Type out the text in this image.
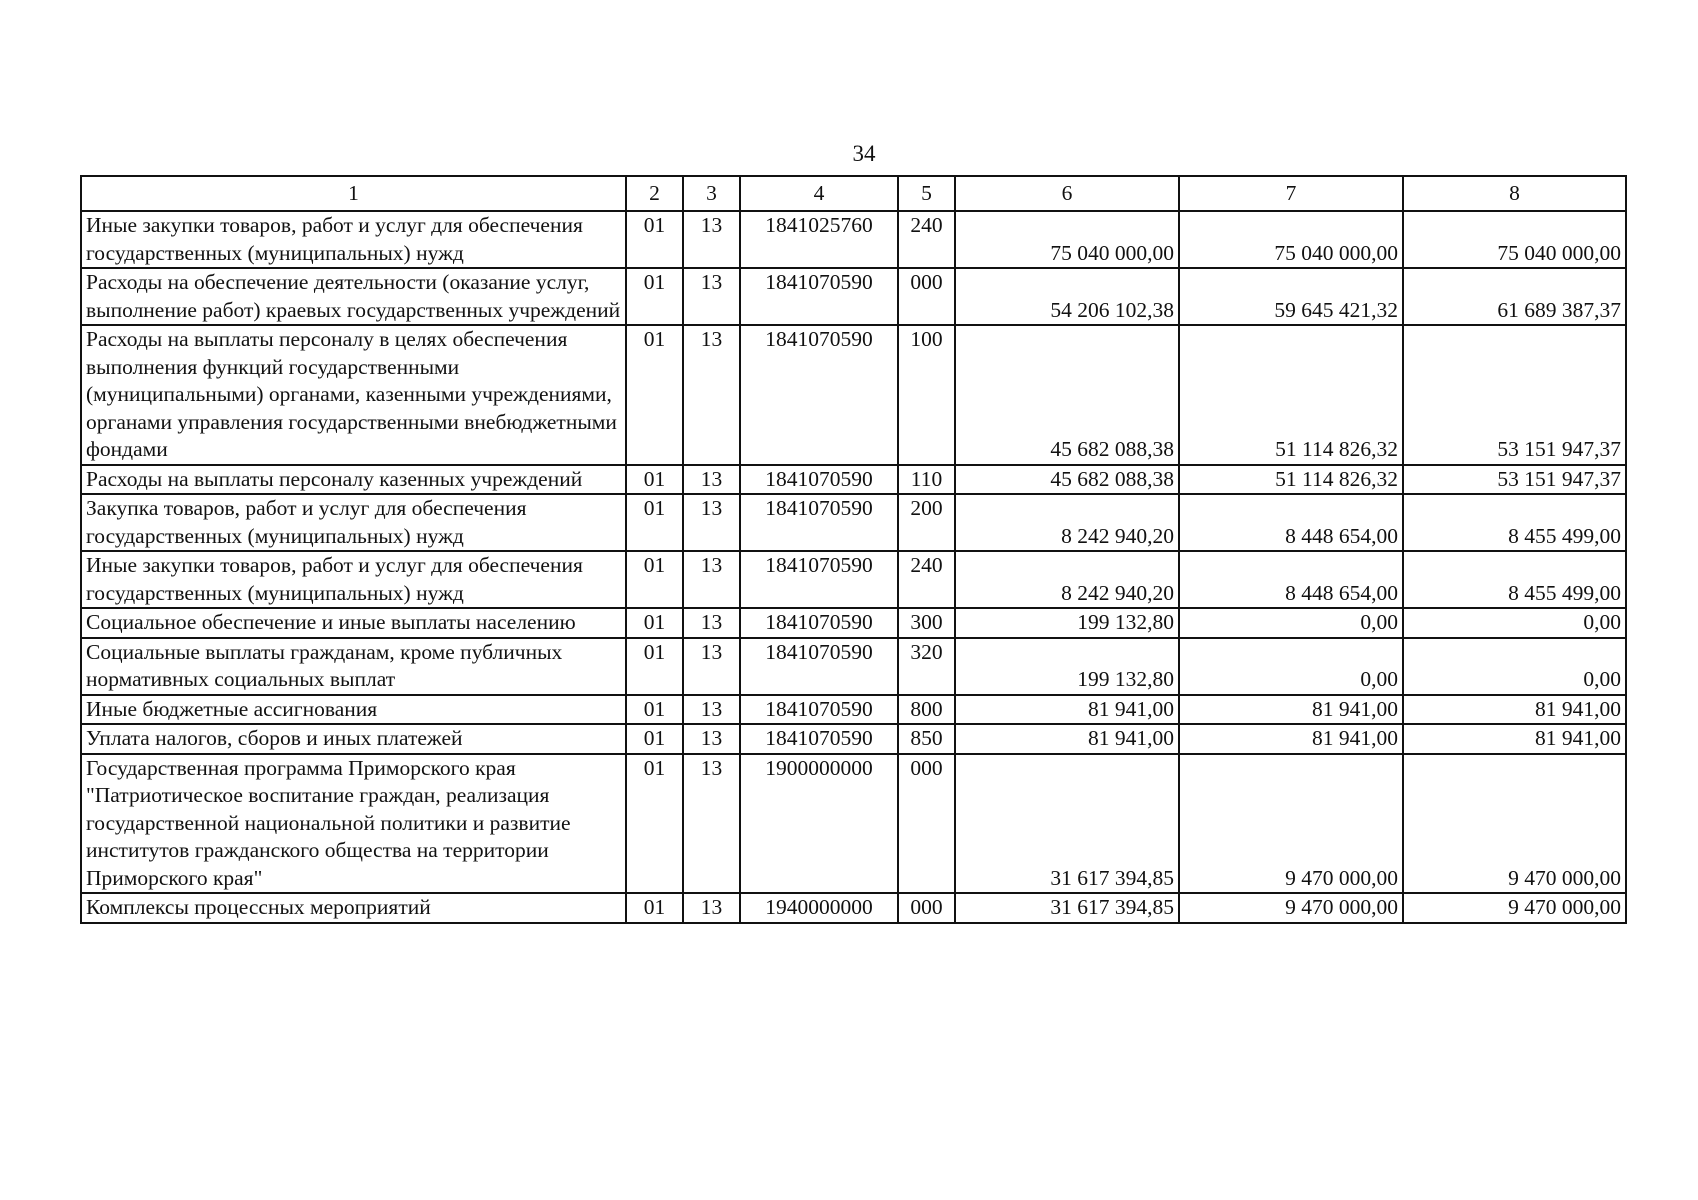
34
1	2	3	4	5	6	7	8
Иные закупки товаров, работ и услуг для обеспечения государственных (муниципальных) нужд	01	13	1841025760	240	75 040 000,00	75 040 000,00	75 040 000,00
Расходы на обеспечение деятельности (оказание услуг, выполнение работ) краевых государственных учреждений	01	13	1841070590	000	54 206 102,38	59 645 421,32	61 689 387,37
Расходы на выплаты персоналу в целях обеспечения выполнения функций государственными (муниципальными) органами, казенными учреждениями, органами управления государственными внебюджетными фондами	01	13	1841070590	100	45 682 088,38	51 114 826,32	53 151 947,37
Расходы на выплаты персоналу казенных учреждений	01	13	1841070590	110	45 682 088,38	51 114 826,32	53 151 947,37
Закупка товаров, работ и услуг для обеспечения государственных (муниципальных) нужд	01	13	1841070590	200	8 242 940,20	8 448 654,00	8 455 499,00
Иные закупки товаров, работ и услуг для обеспечения государственных (муниципальных) нужд	01	13	1841070590	240	8 242 940,20	8 448 654,00	8 455 499,00
Социальное обеспечение и иные выплаты населению	01	13	1841070590	300	199 132,80	0,00	0,00
Социальные выплаты гражданам, кроме публичных нормативных социальных выплат	01	13	1841070590	320	199 132,80	0,00	0,00
Иные бюджетные ассигнования	01	13	1841070590	800	81 941,00	81 941,00	81 941,00
Уплата налогов, сборов и иных платежей	01	13	1841070590	850	81 941,00	81 941,00	81 941,00
Государственная программа Приморского края "Патриотическое воспитание граждан, реализация государственной национальной политики и развитие институтов гражданского общества на территории Приморского края"	01	13	1900000000	000	31 617 394,85	9 470 000,00	9 470 000,00
Комплексы процессных мероприятий	01	13	1940000000	000	31 617 394,85	9 470 000,00	9 470 000,00
